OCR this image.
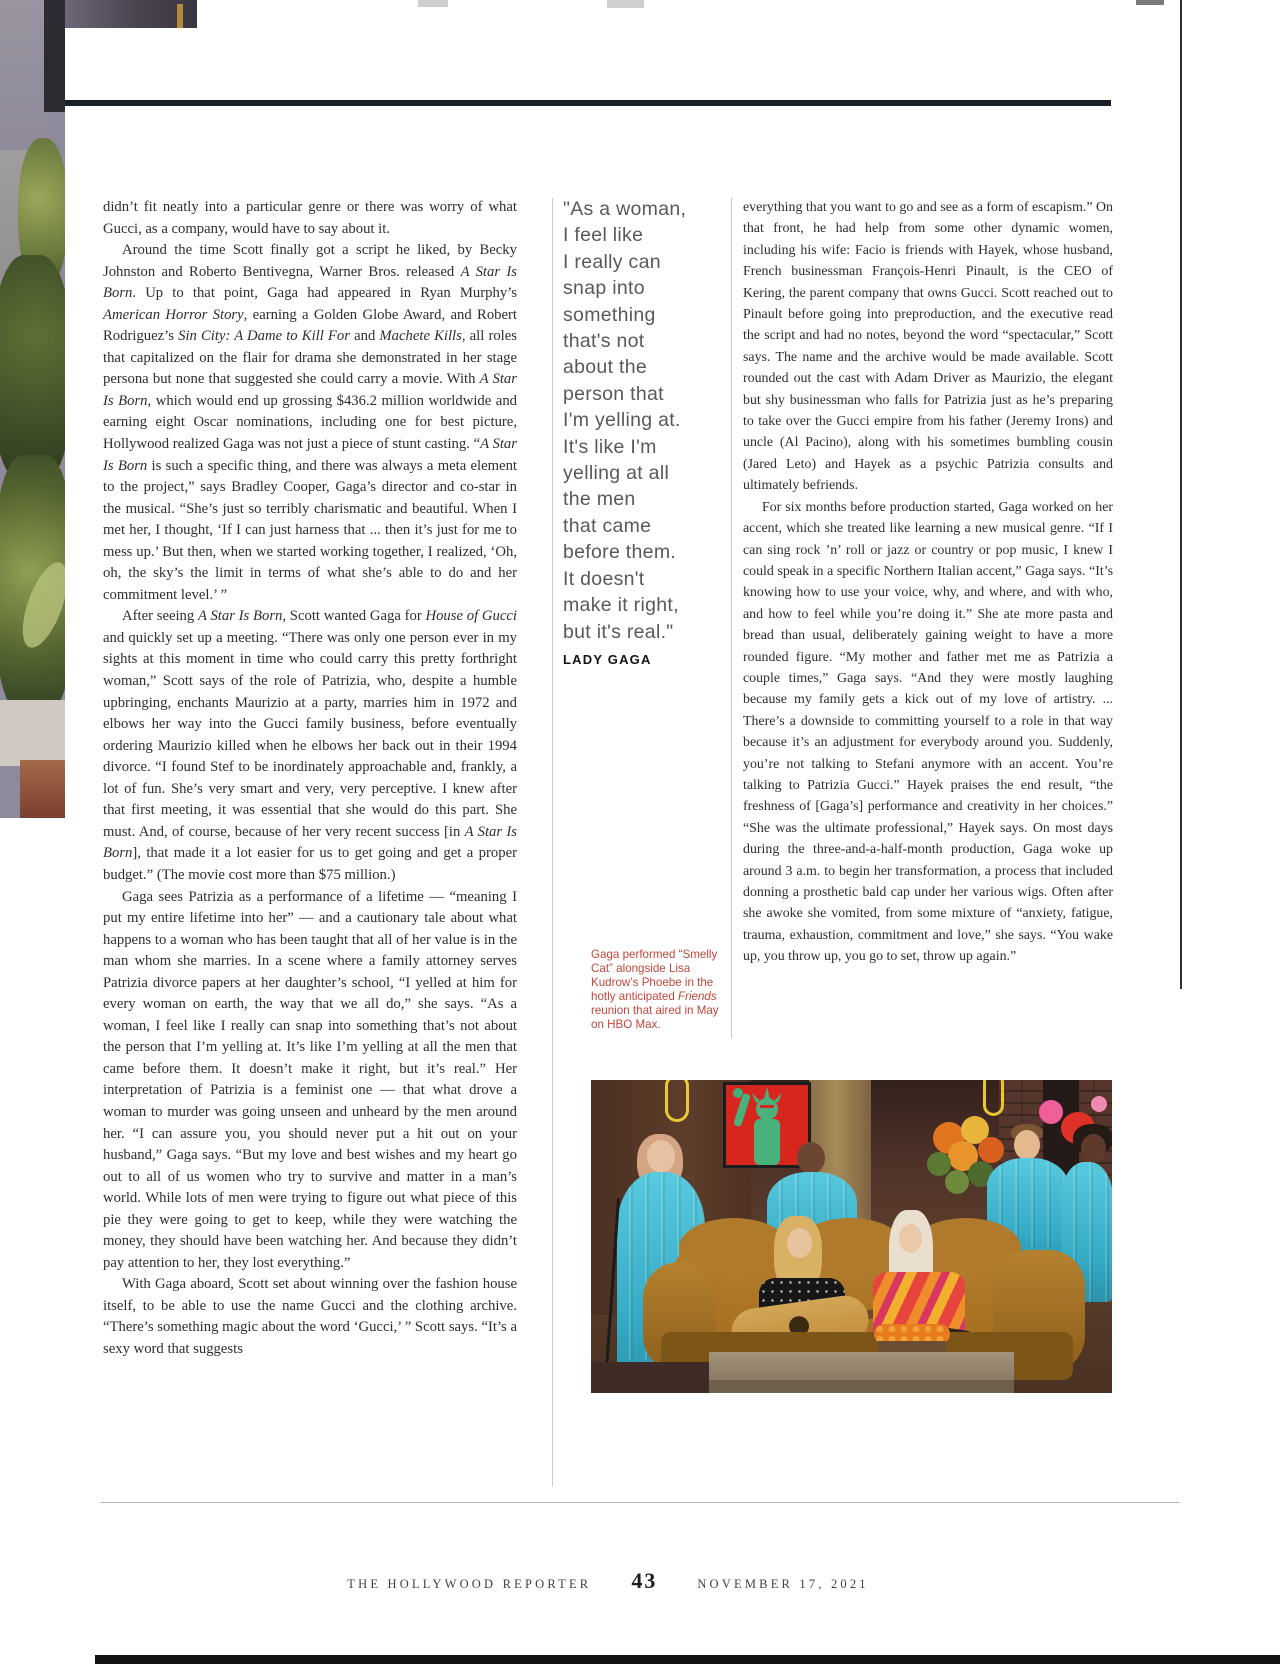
didn’t fit neatly into a particular genre or there was worry of what Gucci, as a company, would have to say about it.

Around the time Scott finally got a script he liked, by Becky Johnston and Roberto Bentivegna, Warner Bros. released A Star Is Born. Up to that point, Gaga had appeared in Ryan Murphy’s American Horror Story, earning a Golden Globe Award, and Robert Rodriguez’s Sin City: A Dame to Kill For and Machete Kills, all roles that capitalized on the flair for drama she demonstrated in her stage persona but none that suggested she could carry a movie. With A Star Is Born, which would end up grossing $436.2 million worldwide and earning eight Oscar nominations, including one for best picture, Hollywood realized Gaga was not just a piece of stunt casting. “A Star Is Born is such a specific thing, and there was always a meta element to the project,” says Bradley Cooper, Gaga’s director and co-star in the musical. “She’s just so terribly charismatic and beautiful. When I met her, I thought, ‘If I can just harness that ... then it’s just for me to mess up.’ But then, when we started working together, I realized, ‘Oh, oh, the sky’s the limit in terms of what she’s able to do and her commitment level.’ ”

After seeing A Star Is Born, Scott wanted Gaga for House of Gucci and quickly set up a meeting. “There was only one person ever in my sights at this moment in time who could carry this pretty forthright woman,” Scott says of the role of Patrizia, who, despite a humble upbringing, enchants Maurizio at a party, marries him in 1972 and elbows her way into the Gucci family business, before eventually ordering Maurizio killed when he elbows her back out in their 1994 divorce. “I found Stef to be inordinately approachable and, frankly, a lot of fun. She’s very smart and very, very perceptive. I knew after that first meeting, it was essential that she would do this part. She must. And, of course, because of her very recent success [in A Star Is Born], that made it a lot easier for us to get going and get a proper budget.” (The movie cost more than $75 million.)

Gaga sees Patrizia as a performance of a lifetime — “meaning I put my entire lifetime into her” — and a cautionary tale about what happens to a woman who has been taught that all of her value is in the man whom she marries. In a scene where a family attorney serves Patrizia divorce papers at her daughter’s school, “I yelled at him for every woman on earth, the way that we all do,” she says. “As a woman, I feel like I really can snap into something that’s not about the person that I’m yelling at. It’s like I’m yelling at all the men that came before them. It doesn’t make it right, but it’s real.” Her interpretation of Patrizia is a feminist one — that what drove a woman to murder was going unseen and unheard by the men around her. “I can assure you, you should never put a hit out on your husband,” Gaga says. “But my love and best wishes and my heart go out to all of us women who try to survive and matter in a man’s world. While lots of men were trying to figure out what piece of this pie they were going to get to keep, while they were watching the money, they should have been watching her. And because they didn’t pay attention to her, they lost everything.”

With Gaga aboard, Scott set about winning over the fashion house itself, to be able to use the name Gucci and the clothing archive. “There’s something magic about the word ‘Gucci,’ ” Scott says. “It’s a sexy word that suggests

"As a woman,
I feel like
I really can
snap into
something
that's not
about the
person that
I'm yelling at.
It's like I'm
yelling at all
the men
that came
before them.
It doesn't
make it right,
but it's real."
LADY GAGA
Gaga performed “Smelly
Cat” alongside Lisa
Kudrow’s Phoebe in the
hotly anticipated Friends
reunion that aired in May
on HBO Max.

everything that you want to go and see as a form of escapism.” On that front, he had help from some other dynamic women, including his wife: Facio is friends with Hayek, whose husband, French businessman François-Henri Pinault, is the CEO of Kering, the parent company that owns Gucci. Scott reached out to Pinault before going into preproduction, and the executive read the script and had no notes, beyond the word “spectacular,” Scott says. The name and the archive would be made available. Scott rounded out the cast with Adam Driver as Maurizio, the elegant but shy businessman who falls for Patrizia just as he’s preparing to take over the Gucci empire from his father (Jeremy Irons) and uncle (Al Pacino), along with his sometimes bumbling cousin (Jared Leto) and Hayek as a psychic Patrizia consults and ultimately befriends.

For six months before production started, Gaga worked on her accent, which she treated like learning a new musical genre. “If I can sing rock ’n’ roll or jazz or country or pop music, I knew I could speak in a specific Northern Italian accent,” Gaga says. “It’s knowing how to use your voice, why, and where, and with who, and how to feel while you’re doing it.” She ate more pasta and bread than usual, deliberately gaining weight to have a more rounded figure. “My mother and father met me as Patrizia a couple times,” Gaga says. “And they were mostly laughing because my family gets a kick out of my love of artistry. ... There’s a downside to committing yourself to a role in that way because it’s an adjustment for everybody around you. Suddenly, you’re not talking to Stefani anymore with an accent. You’re talking to Patrizia Gucci.” Hayek praises the end result, “the freshness of [Gaga’s] performance and creativity in her choices.” “She was the ultimate professional,” Hayek says. On most days during the three-and-a-half-month production, Gaga woke up around 3 a.m. to begin her transformation, a process that included donning a prosthetic bald cap under her various wigs. Often after she awoke she vomited, from some mixture of “anxiety, fatigue, trauma, exhaustion, commitment and love,” she says. “You wake up, you throw up, you go to set, throw up again.”

THE HOLLYWOOD REPORTER 43	NOVEMBER 17, 2021
